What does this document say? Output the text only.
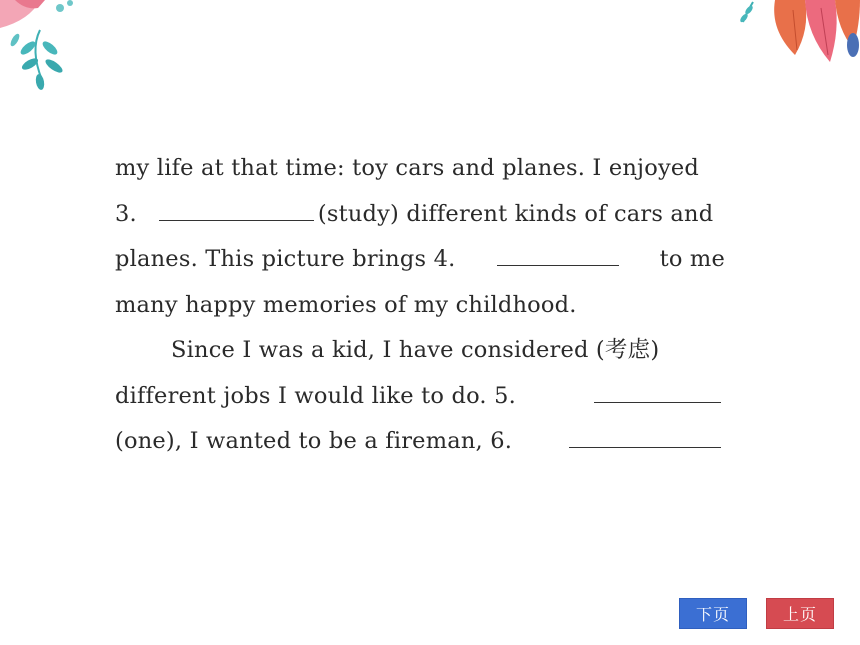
my life at that time: toy cars and planes. I enjoyed
3.	(study) different kinds of cars and
planes. This picture brings 4.	to me
many happy memories of my childhood.
Since I was a kid, I have considered (考虑)
different jobs I would like to do. 5.
(one), I wanted to be a fireman, 6.
下页	上页
